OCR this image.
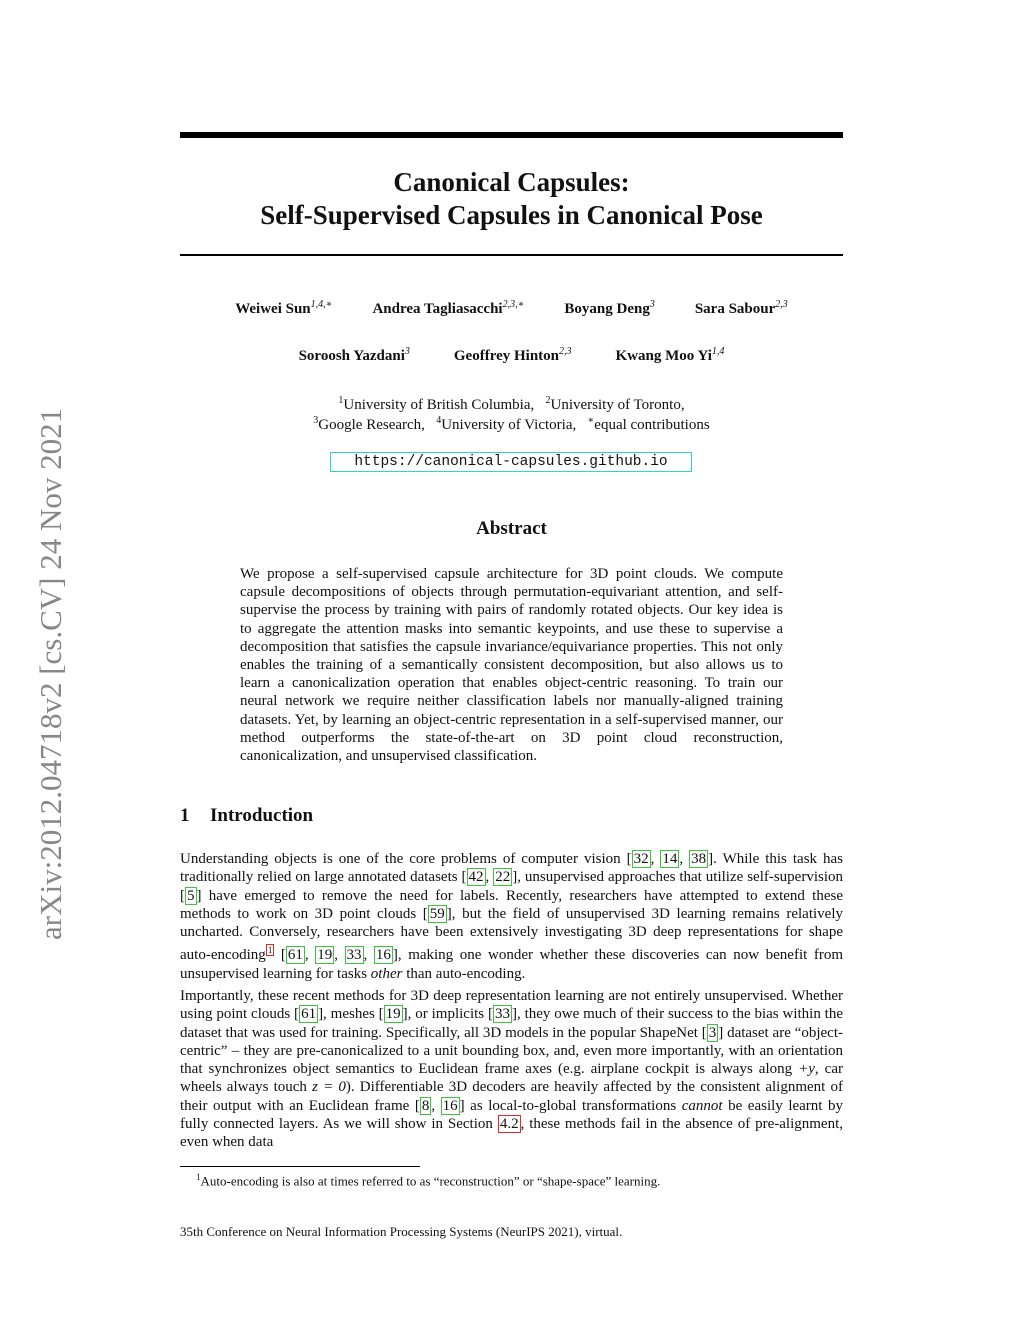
arXiv:2012.04718v2 [cs.CV] 24 Nov 2021
Canonical Capsules:
Self-Supervised Capsules in Canonical Pose
Weiwei Sun$^{1,4,∗}$	Andrea Tagliasacchi$^{2,3,∗}$	Boyang Deng$^3$	Sara Sabour$^{2,3}$
Soroosh Yazdani$^3$	Geoffrey Hinton$^{2,3}$	Kwang Moo Yi$^{1,4}$
$^1$University of British Columbia, $^2$University of Toronto,
$^3$Google Research, $^4$University of Victoria, ∗equal contributions
https://canonical-capsules.github.io
Abstract
We propose a self-supervised capsule architecture for 3D point clouds. We compute capsule decompositions of objects through permutation-equivariant attention, and self-supervise the process by training with pairs of randomly rotated objects. Our key idea is to aggregate the attention masks into semantic keypoints, and use these to supervise a decomposition that satisfies the capsule invariance/equivariance properties. This not only enables the training of a semantically consistent decomposition, but also allows us to learn a canonicalization operation that enables object-centric reasoning. To train our neural network we require neither classification labels nor manually-aligned training datasets. Yet, by learning an object-centric representation in a self-supervised manner, our method outperforms the state-of-the-art on 3D point cloud reconstruction, canonicalization, and unsupervised classification.
1 Introduction
Understanding objects is one of the core problems of computer vision [ 32 , 14 , 38 ]. While this task has traditionally relied on large annotated datasets [ 42 , 22 ], unsupervised approaches that utilize self-supervision [ 5 ] have emerged to remove the need for labels. Recently, researchers have attempted to extend these methods to work on 3D point clouds [ 59 ], but the field of unsupervised 3D learning remains relatively uncharted. Conversely, researchers have been extensively investigating 3D deep representations for shape auto-encoding $^1$ [ 61 , 19 , 33 , 16 ], making one wonder whether these discoveries can now benefit from unsupervised learning for tasks other than auto-encoding.
Importantly, these recent methods for 3D deep representation learning are not entirely unsupervised. Whether using point clouds [ 61 ], meshes [ 19 ], or implicits [ 33 ], they owe much of their success to the bias within the dataset that was used for training. Specifically, all 3D models in the popular ShapeNet [ 3 ] dataset are “object-centric” – they are pre-canonicalized to a unit bounding box, and, even more importantly, with an orientation that synchronizes object semantics to Euclidean frame axes (e.g. airplane cockpit is always along +y, car wheels always touch z = 0). Differentiable 3D decoders are heavily affected by the consistent alignment of their output with an Euclidean frame [ 8 , 16 ] as local-to-global transformations cannot be easily learnt by fully connected layers. As we will show in Section 4.2 , these methods fail in the absence of pre-alignment, even when data
$^1$Auto-encoding is also at times referred to as “reconstruction” or “shape-space” learning.
35th Conference on Neural Information Processing Systems (NeurIPS 2021), virtual.
